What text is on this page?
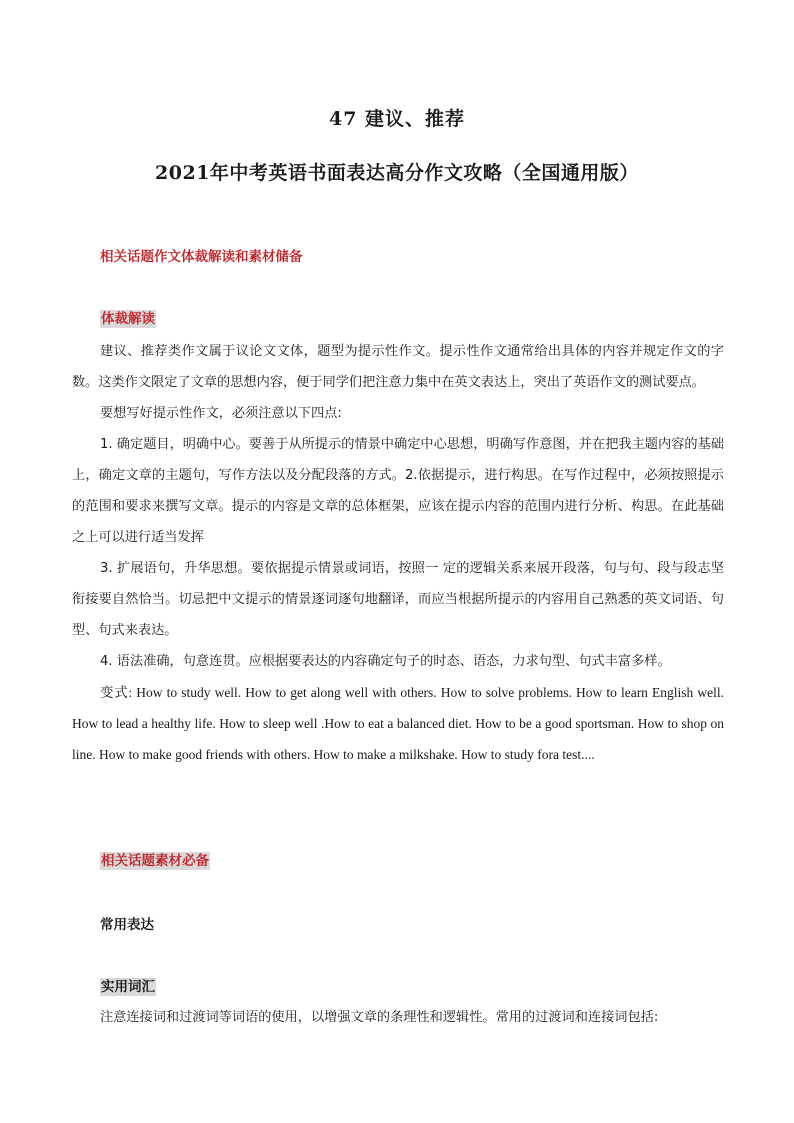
47 建议、推荐
2021年中考英语书面表达高分作文攻略（全国通用版）
相关话题作文体裁解读和素材储备
体裁解读

建议、推荐类作文属于议论文文体，题型为提示性作文。提示性作文通常给出具体的内容并规定作文的字数。这类作文限定了文章的思想内容，便于同学们把注意力集中在英文表达上，突出了英语作文的测试要点。

要想写好提示性作文，必须注意以下四点:

1. 确定题目，明确中心。要善于从所提示的情景中确定中心思想，明确写作意图，并在把我主题内容的基础上，确定文章的主题句，写作方法以及分配段落的方式。2.依据提示，进行构思。在写作过程中，必须按照提示的范围和要求来撰写文章。提示的内容是文章的总体框架，应该在提示内容的范围内进行分析、构思。在此基础之上可以进行适当发挥

3. 扩展语句，升华思想。要依据提示情景或词语，按照一 定的逻辑关系来展开段落，句与句、段与段志坚衔接要自然恰当。切忌把中文提示的情景逐词逐句地翻译，而应当根据所提示的内容用自己熟悉的英文词语、句型、句式来表达。

4. 语法准确，句意连贯。应根据要表达的内容确定句子的时态、语态，力求句型、句式丰富多样。

变式: How to study well. How to get along well with others. How to solve problems. How to learn English well. How to lead a healthy life. How to sleep well .How to eat a balanced diet. How to be a good sportsman. How to shop on line. How to make good friends with others. How to make a milkshake. How to study fora test....

相关话题素材必备
常用表达
实用词汇

注意连接词和过渡词等词语的使用，以增强文章的条理性和逻辑性。常用的过渡词和连接词包括:
